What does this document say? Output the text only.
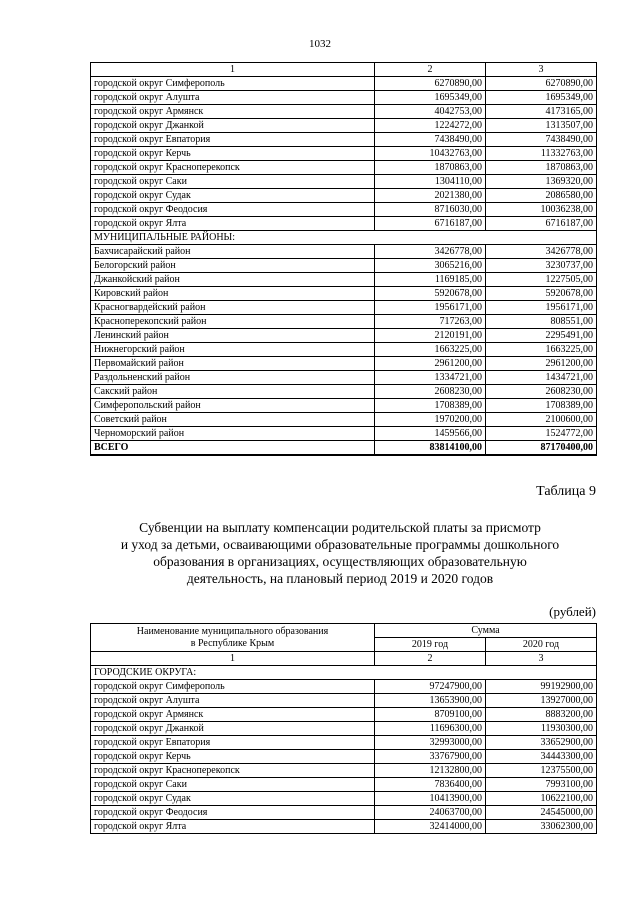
1032
1	2	3
городской округ Симферополь	6270890,00	6270890,00
городской округ Алушта	1695349,00	1695349,00
городской округ Армянск	4042753,00	4173165,00
городской округ Джанкой	1224272,00	1313507,00
городской округ Евпатория	7438490,00	7438490,00
городской округ Керчь	10432763,00	11332763,00
городской округ Красноперекопск	1870863,00	1870863,00
городской округ Саки	1304110,00	1369320,00
городской округ Судак	2021380,00	2086580,00
городской округ Феодосия	8716030,00	10036238,00
городской округ Ялта	6716187,00	6716187,00
МУНИЦИПАЛЬНЫЕ РАЙОНЫ:		
Бахчисарайский район	3426778,00	3426778,00
Белогорский район	3065216,00	3230737,00
Джанкойский район	1169185,00	1227505,00
Кировский район	5920678,00	5920678,00
Красногвардейский район	1956171,00	1956171,00
Красноперекопский район	717263,00	808551,00
Ленинский район	2120191,00	2295491,00
Нижнегорский район	1663225,00	1663225,00
Первомайский район	2961200,00	2961200,00
Раздольненский район	1334721,00	1434721,00
Сакский район	2608230,00	2608230,00
Симферопольский район	1708389,00	1708389,00
Советский район	1970200,00	2100600,00
Черноморский район	1459566,00	1524772,00
ВСЕГО	83814100,00	87170400,00
Таблица 9
Субвенции на выплату компенсации родительской платы за присмотр
и уход за детьми, осваивающими образовательные программы дошкольного
образования в организациях, осуществляющих образовательную
деятельность, на плановый период 2019 и 2020 годов
(рублей)
Наименование муниципального образования
в Республике Крым	Сумма	
	2019 год	2020 год
1	2	3
ГОРОДСКИЕ ОКРУГА:		
городской округ Симферополь	97247900,00	99192900,00
городской округ Алушта	13653900,00	13927000,00
городской округ Армянск	8709100,00	8883200,00
городской округ Джанкой	11696300,00	11930300,00
городской округ Евпатория	32993000,00	33652900,00
городской округ Керчь	33767900,00	34443300,00
городской округ Красноперекопск	12132800,00	12375500,00
городской округ Саки	7836400,00	7993100,00
городской округ Судак	10413900,00	10622100,00
городской округ Феодосия	24063700,00	24545000,00
городской округ Ялта	32414000,00	33062300,00
